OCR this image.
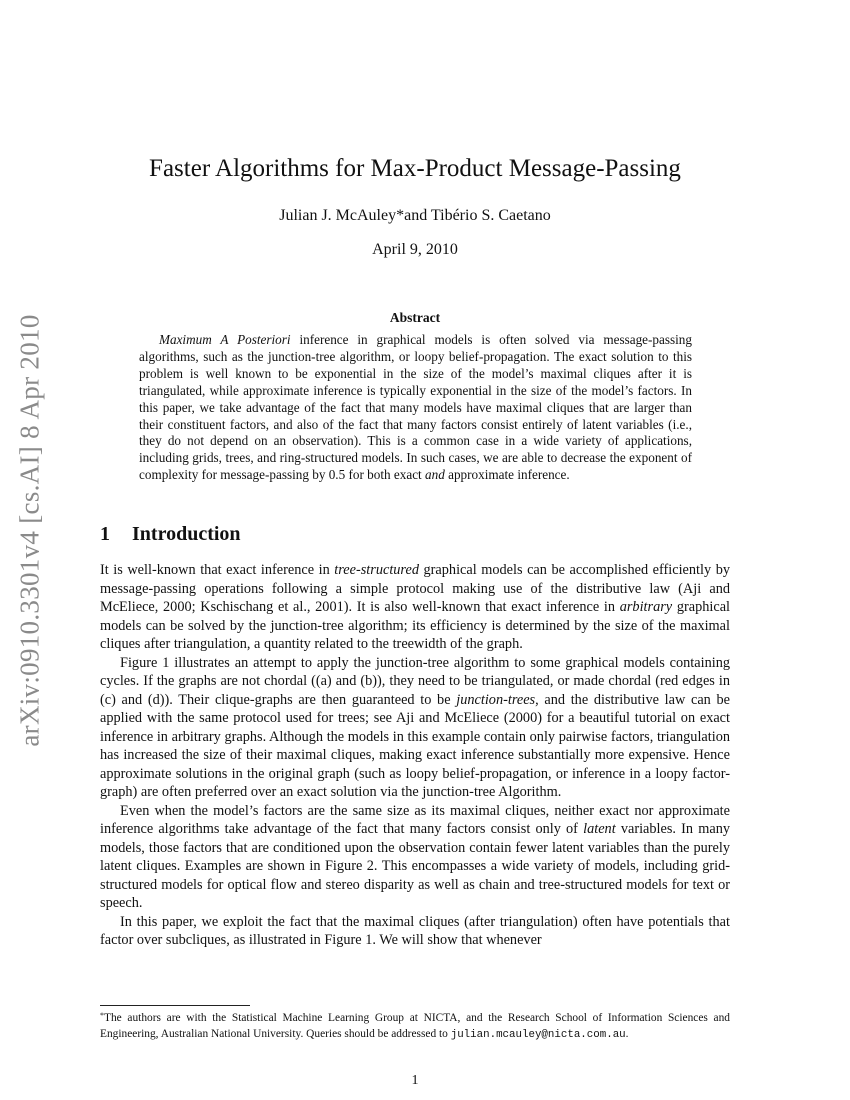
arXiv:0910.3301v4 [cs.AI] 8 Apr 2010
Faster Algorithms for Max-Product Message-Passing
Julian J. McAuley*and Tibério S. Caetano
April 9, 2010
Abstract

Maximum A Posteriori inference in graphical models is often solved via message-passing algorithms, such as the junction-tree algorithm, or loopy belief-propagation. The exact solution to this problem is well known to be exponential in the size of the model’s maximal cliques after it is triangulated, while approximate inference is typically exponential in the size of the model’s factors. In this paper, we take advantage of the fact that many models have maximal cliques that are larger than their constituent factors, and also of the fact that many factors consist entirely of latent variables (i.e., they do not depend on an observation). This is a common case in a wide variety of applications, including grids, trees, and ring-structured models. In such cases, we are able to decrease the exponent of complexity for message-passing by 0.5 for both exact and approximate inference.

1 Introduction

It is well-known that exact inference in tree-structured graphical models can be accomplished efficiently by message-passing operations following a simple protocol making use of the distributive law (Aji and McEliece, 2000; Kschischang et al., 2001). It is also well-known that exact inference in arbitrary graphical models can be solved by the junction-tree algorithm; its efficiency is determined by the size of the maximal cliques after triangulation, a quantity related to the treewidth of the graph.

Figure 1 illustrates an attempt to apply the junction-tree algorithm to some graphical models containing cycles. If the graphs are not chordal ((a) and (b)), they need to be triangulated, or made chordal (red edges in (c) and (d)). Their clique-graphs are then guaranteed to be junction-trees, and the distributive law can be applied with the same protocol used for trees; see Aji and McEliece (2000) for a beautiful tutorial on exact inference in arbitrary graphs. Although the models in this example contain only pairwise factors, triangulation has increased the size of their maximal cliques, making exact inference substantially more expensive. Hence approximate solutions in the original graph (such as loopy belief-propagation, or inference in a loopy factor-graph) are often preferred over an exact solution via the junction-tree Algorithm.

Even when the model’s factors are the same size as its maximal cliques, neither exact nor approximate inference algorithms take advantage of the fact that many factors consist only of latent variables. In many models, those factors that are conditioned upon the observation contain fewer latent variables than the purely latent cliques. Examples are shown in Figure 2. This encompasses a wide variety of models, including grid-structured models for optical flow and stereo disparity as well as chain and tree-structured models for text or speech.

In this paper, we exploit the fact that the maximal cliques (after triangulation) often have potentials that factor over subcliques, as illustrated in Figure 1. We will show that whenever

*The authors are with the Statistical Machine Learning Group at NICTA, and the Research School of Information Sciences and Engineering, Australian National University. Queries should be addressed to julian.mcauley@nicta.com.au.

1
